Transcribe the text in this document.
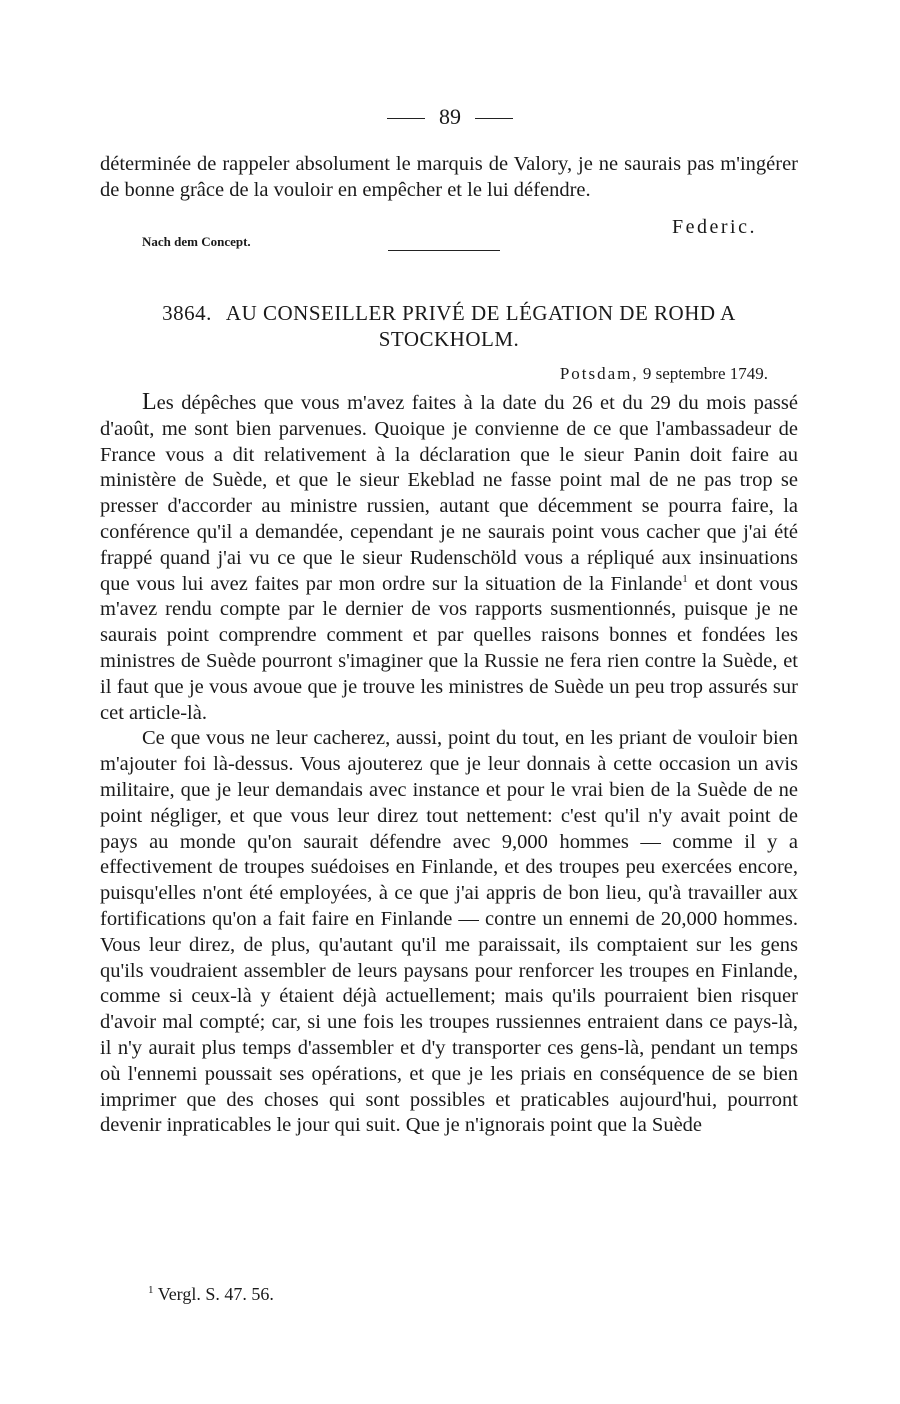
89
déterminée de rappeler absolument le marquis de Valory, je ne saurais pas m'ingérer de bonne grâce de la vouloir en empêcher et le lui défendre.
Federic.
Nach dem Concept.
3864. AU CONSEILLER PRIVÉ DE LÉGATION DE ROHD A STOCKHOLM.
Potsdam, 9 septembre 1749.

Les dépêches que vous m'avez faites à la date du 26 et du 29 du mois passé d'août, me sont bien parvenues. Quoique je convienne de ce que l'ambassadeur de France vous a dit relativement à la déclaration que le sieur Panin doit faire au ministère de Suède, et que le sieur Ekeblad ne fasse point mal de ne pas trop se presser d'accorder au ministre russien, autant que décemment se pourra faire, la conférence qu'il a demandée, cependant je ne saurais point vous cacher que j'ai été frappé quand j'ai vu ce que le sieur Rudenschöld vous a répliqué aux insinuations que vous lui avez faites par mon ordre sur la situation de la Finlande$^1$ et dont vous m'avez rendu compte par le dernier de vos rapports susmentionnés, puisque je ne saurais point comprendre comment et par quelles raisons bonnes et fondées les ministres de Suède pourront s'imaginer que la Russie ne fera rien contre la Suède, et il faut que je vous avoue que je trouve les ministres de Suède un peu trop assurés sur cet article-là.

Ce que vous ne leur cacherez, aussi, point du tout, en les priant de vouloir bien m'ajouter foi là-dessus. Vous ajouterez que je leur donnais à cette occasion un avis militaire, que je leur demandais avec instance et pour le vrai bien de la Suède de ne point négliger, et que vous leur direz tout nettement: c'est qu'il n'y avait point de pays au monde qu'on saurait défendre avec 9,000 hommes — comme il y a effectivement de troupes suédoises en Finlande, et des troupes peu exercées encore, puisqu'elles n'ont été employées, à ce que j'ai appris de bon lieu, qu'à travailler aux fortifications qu'on a fait faire en Finlande — contre un ennemi de 20,000 hommes. Vous leur direz, de plus, qu'autant qu'il me paraissait, ils comptaient sur les gens qu'ils voudraient assembler de leurs paysans pour renforcer les troupes en Finlande, comme si ceux-là y étaient déjà actuellement; mais qu'ils pourraient bien risquer d'avoir mal compté; car, si une fois les troupes russiennes entraient dans ce pays-là, il n'y aurait plus temps d'assembler et d'y transporter ces gens-là, pendant un temps où l'ennemi poussait ses opérations, et que je les priais en conséquence de se bien imprimer que des choses qui sont possibles et praticables aujourd'hui, pourront devenir inpraticables le jour qui suit. Que je n'ignorais point que la Suède

$^1$ Vergl. S. 47. 56.
